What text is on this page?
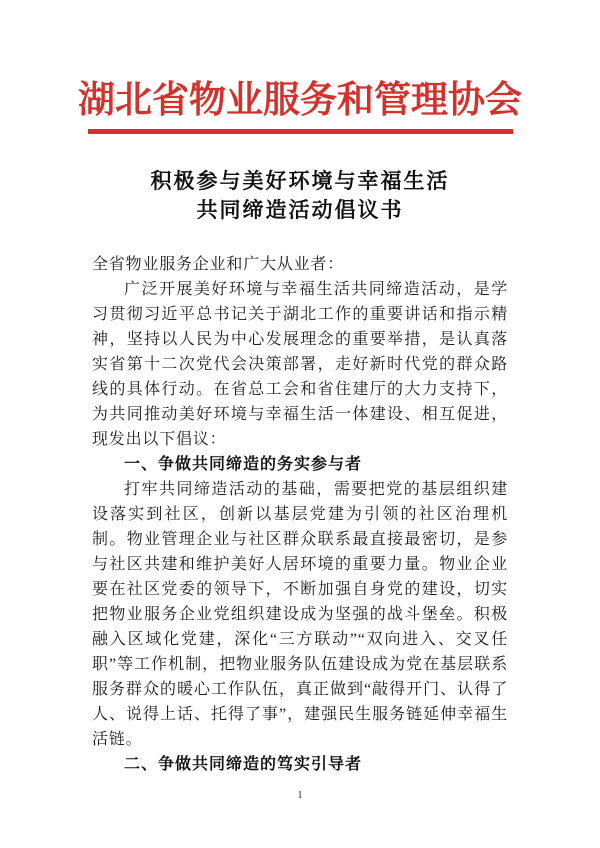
湖北省物业服务和管理协会
积极参与美好环境与幸福生活
共同缔造活动倡议书

全省物业服务企业和广大从业者：

广泛开展美好环境与幸福生活共同缔造活动，是学习贯彻习近平总书记关于湖北工作的重要讲话和指示精神，坚持以人民为中心发展理念的重要举措，是认真落实省第十二次党代会决策部署，走好新时代党的群众路线的具体行动。在省总工会和省住建厅的大力支持下，为共同推动美好环境与幸福生活一体建设、相互促进，现发出以下倡议：

一、争做共同缔造的务实参与者

打牢共同缔造活动的基础，需要把党的基层组织建设落实到社区，创新以基层党建为引领的社区治理机制。物业管理企业与社区群众联系最直接最密切，是参与社区共建和维护美好人居环境的重要力量。物业企业要在社区党委的领导下，不断加强自身党的建设，切实把物业服务企业党组织建设成为坚强的战斗堡垒。积极融入区域化党建，深化“三方联动”“双向进入、交叉任职”等工作机制，把物业服务队伍建设成为党在基层联系服务群众的暖心工作队伍，真正做到“敲得开门、认得了人、说得上话、托得了事”，建强民生服务链延伸幸福生活链。

二、争做共同缔造的笃实引导者

1
